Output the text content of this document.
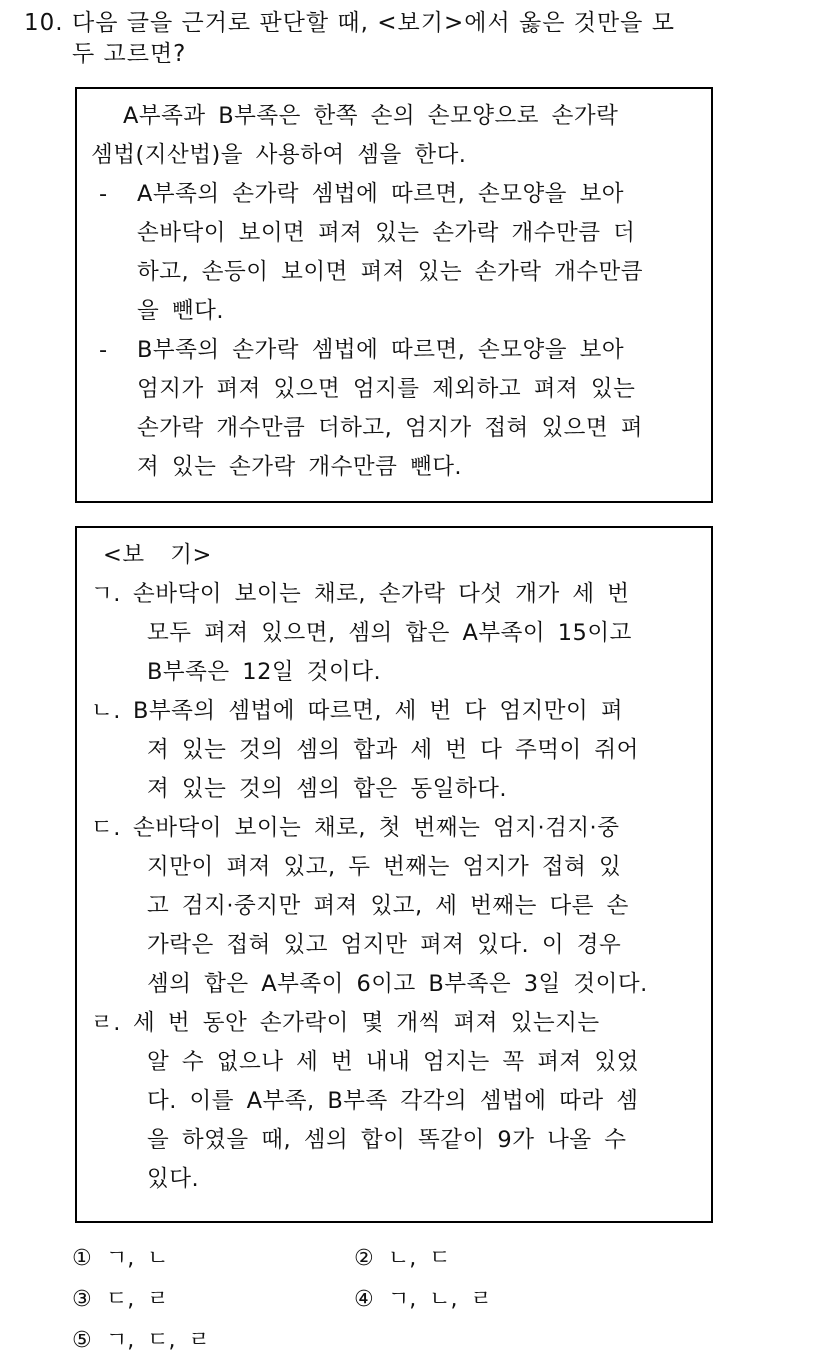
10. 다음 글을 근거로 판단할 때, <보기>에서 옳은 것만을 모
두 고르면?
A부족과 B부족은 한쪽 손의 손모양으로 손가락
셈법(지산법)을 사용하여 셈을 한다.
- A부족의 손가락 셈법에 따르면, 손모양을 보아
손바닥이 보이면 펴져 있는 손가락 개수만큼 더
하고, 손등이 보이면 펴져 있는 손가락 개수만큼
을 뺀다.
- B부족의 손가락 셈법에 따르면, 손모양을 보아
엄지가 펴져 있으면 엄지를 제외하고 펴져 있는
손가락 개수만큼 더하고, 엄지가 접혀 있으면 펴
져 있는 손가락 개수만큼 뺀다.
<보 기>
ㄱ. 손바닥이 보이는 채로, 손가락 다섯 개가 세 번
모두 펴져 있으면, 셈의 합은 A부족이 15이고
B부족은 12일 것이다.
ㄴ. B부족의 셈법에 따르면, 세 번 다 엄지만이 펴
져 있는 것의 셈의 합과 세 번 다 주먹이 쥐어
져 있는 것의 셈의 합은 동일하다.
ㄷ. 손바닥이 보이는 채로, 첫 번째는 엄지·검지·중
지만이 펴져 있고, 두 번째는 엄지가 접혀 있
고 검지·중지만 펴져 있고, 세 번째는 다른 손
가락은 접혀 있고 엄지만 펴져 있다. 이 경우
셈의 합은 A부족이 6이고 B부족은 3일 것이다.
ㄹ. 세 번 동안 손가락이 몇 개씩 펴져 있는지는
알 수 없으나 세 번 내내 엄지는 꼭 펴져 있었
다. 이를 A부족, B부족 각각의 셈법에 따라 셈
을 하였을 때, 셈의 합이 똑같이 9가 나올 수
있다.
① ㄱ, ㄴ	② ㄴ, ㄷ
③ ㄷ, ㄹ	④ ㄱ, ㄴ, ㄹ
⑤ ㄱ, ㄷ, ㄹ
